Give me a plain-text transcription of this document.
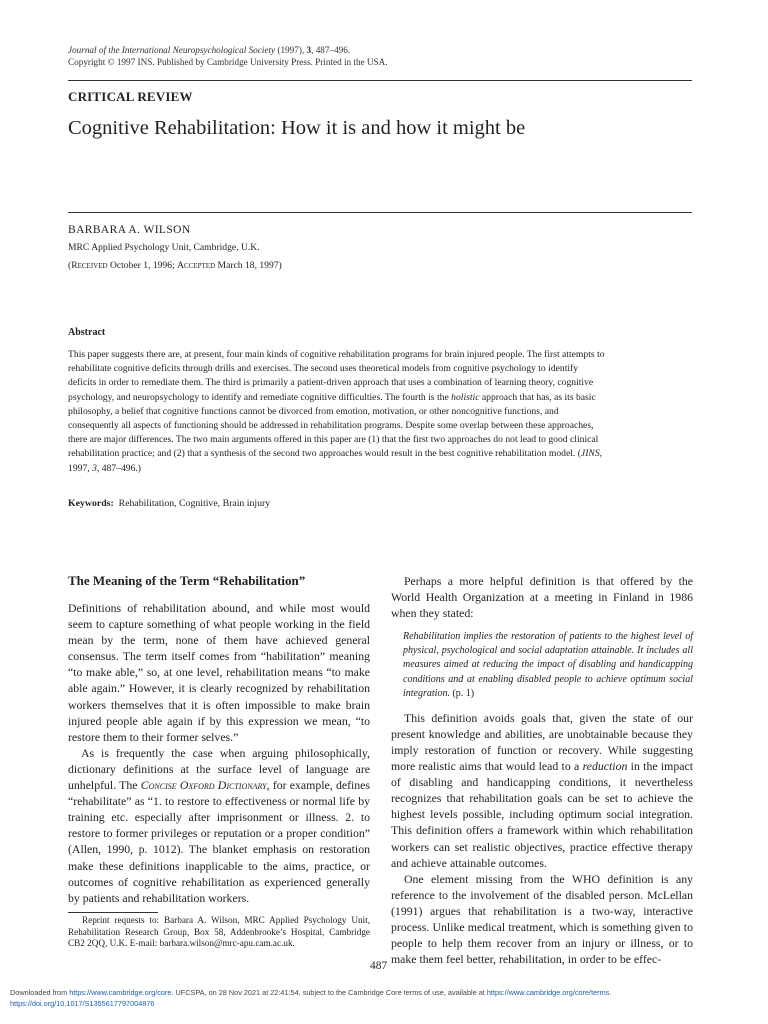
Journal of the International Neuropsychological Society (1997), 3, 487–496.
Copyright © 1997 INS. Published by Cambridge University Press. Printed in the USA.
CRITICAL REVIEW
Cognitive Rehabilitation: How it is and how it might be
BARBARA A. WILSON
MRC Applied Psychology Unit, Cambridge, U.K.
(Received October 1, 1996; Accepted March 18, 1997)
Abstract
This paper suggests there are, at present, four main kinds of cognitive rehabilitation programs for brain injured people. The first attempts to rehabilitate cognitive deficits through drills and exercises. The second uses theoretical models from cognitive psychology to identify deficits in order to remediate them. The third is primarily a patient-driven approach that uses a combination of learning theory, cognitive psychology, and neuropsychology to identify and remediate cognitive difficulties. The fourth is the holistic approach that has, as its basic philosophy, a belief that cognitive functions cannot be divorced from emotion, motivation, or other noncognitive functions, and consequently all aspects of functioning should be addressed in rehabilitation programs. Despite some overlap between these approaches, there are major differences. The two main arguments offered in this paper are (1) that the first two approaches do not lead to good clinical rehabilitation practice; and (2) that a synthesis of the second two approaches would result in the best cognitive rehabilitation model. (JINS, 1997, 3, 487–496.)
Keywords: Rehabilitation, Cognitive, Brain injury
The Meaning of the Term “Rehabilitation”

Definitions of rehabilitation abound, and while most would seem to capture something of what people working in the field mean by the term, none of them have achieved general consensus. The term itself comes from “habilitation” meaning “to make able,” so, at one level, rehabilitation means “to make able again.” However, it is clearly recognized by rehabilitation workers themselves that it is often impossible to make brain injured people able again if by this expression we mean, “to restore them to their former selves.”

As is frequently the case when arguing philosophically, dictionary definitions at the surface level of language are unhelpful. The Concise Oxford Dictionary, for example, defines “rehabilitate” as “1. to restore to effectiveness or normal life by training etc. especially after imprisonment or illness. 2. to restore to former privileges or reputation or a proper condition” (Allen, 1990, p. 1012). The blanket emphasis on restoration make these definitions inapplicable to the aims, practice, or outcomes of cognitive rehabilitation as experienced generally by patients and rehabilitation workers.

Reprint requests to: Barbara A. Wilson, MRC Applied Psychology Unit, Rehabilitation Research Group, Box 58, Addenbrooke’s Hospital, Cambridge CB2 2QQ, U.K. E-mail: barbara.wilson@mrc-apu.cam.ac.uk.

Perhaps a more helpful definition is that offered by the World Health Organization at a meeting in Finland in 1986 when they stated:

Rehabilitation implies the restoration of patients to the highest level of physical, psychological and social adaptation attainable. It includes all measures aimed at reducing the impact of disabling and handicapping conditions and at enabling disabled people to achieve optimum social integration. (p. 1)

This definition avoids goals that, given the state of our present knowledge and abilities, are unobtainable because they imply restoration of function or recovery. While suggesting more realistic aims that would lead to a reduction in the impact of disabling and handicapping conditions, it nevertheless recognizes that rehabilitation goals can be set to achieve the highest levels possible, including optimum social integration. This definition offers a framework within which rehabilitation workers can set realistic objectives, practice effective therapy and achieve attainable outcomes.

One element missing from the WHO definition is any reference to the involvement of the disabled person. McLellan (1991) argues that rehabilitation is a two-way, interactive process. Unlike medical treatment, which is something given to people to help them recover from an injury or illness, or to make them feel better, rehabilitation, in order to be effec-

487
Downloaded from https://www.cambridge.org/core. UFCSPA, on 28 Nov 2021 at 22:41:54, subject to the Cambridge Core terms of use, available at https://www.cambridge.org/core/terms.
https://doi.org/10.1017/S1355617797004876
